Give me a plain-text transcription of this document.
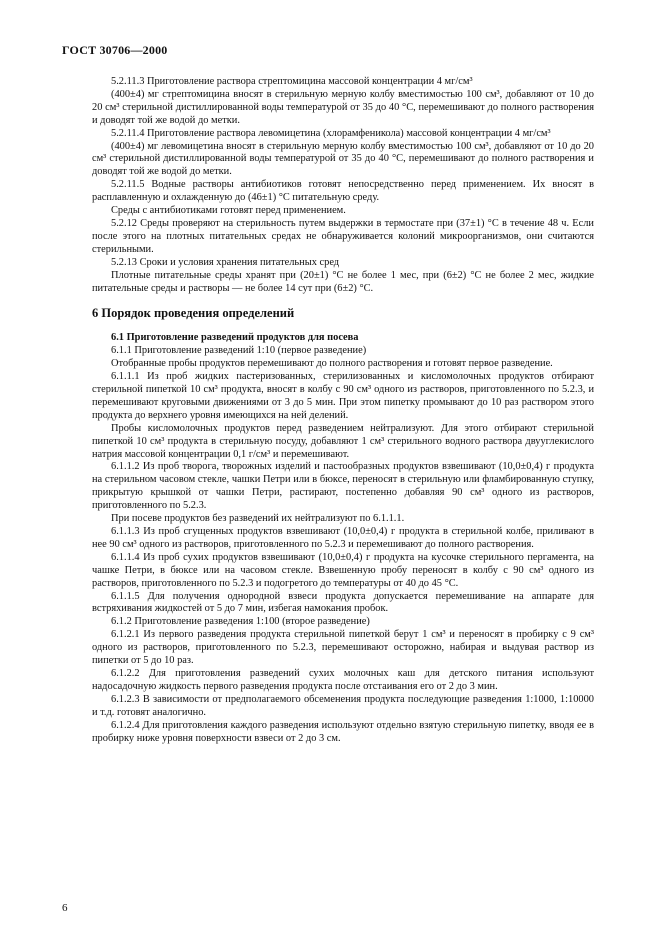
ГОСТ 30706—2000

5.2.11.3 Приготовление раствора стрептомицина массовой концентрации 4 мг/см³

(400±4) мг стрептомицина вносят в стерильную мерную колбу вместимостью 100 см³, добавляют от 10 до 20 см³ стерильной дистиллированной воды температурой от 35 до 40 °С, перемешивают до полного растворения и доводят той же водой до метки.

5.2.11.4 Приготовление раствора левомицетина (хлорамфеникола) массовой концентрации 4 мг/см³

(400±4) мг левомицетина вносят в стерильную мерную колбу вместимостью 100 см³, добавляют от 10 до 20 см³ стерильной дистиллированной воды температурой от 35 до 40 °С, перемешивают до полного растворения и доводят той же водой до метки.

5.2.11.5 Водные растворы антибиотиков готовят непосредственно перед применением. Их вносят в расплавленную и охлажденную до (46±1) °С питательную среду.

Среды с антибиотиками готовят перед применением.

5.2.12 Среды проверяют на стерильность путем выдержки в термостате при (37±1) °С в течение 48 ч. Если после этого на плотных питательных средах не обнаруживается колоний микроорганизмов, они считаются стерильными.

5.2.13 Сроки и условия хранения питательных сред

Плотные питательные среды хранят при (20±1) °С не более 1 мес, при (6±2) °С не более 2 мес, жидкие питательные среды и растворы — не более 14 сут при (6±2) °С.

6 Порядок проведения определений

6.1 Приготовление разведений продуктов для посева

6.1.1 Приготовление разведений 1:10 (первое разведение)

Отобранные пробы продуктов перемешивают до полного растворения и готовят первое разведение.

6.1.1.1 Из проб жидких пастеризованных, стерилизованных и кисломолочных продуктов отбирают стерильной пипеткой 10 см³ продукта, вносят в колбу с 90 см³ одного из растворов, приготовленного по 5.2.3, и перемешивают круговыми движениями от 3 до 5 мин. При этом пипетку промывают до 10 раз раствором этого продукта до верхнего уровня имеющихся на ней делений.

Пробы кисломолочных продуктов перед разведением нейтрализуют. Для этого отбирают стерильной пипеткой 10 см³ продукта в стерильную посуду, добавляют 1 см³ стерильного водного раствора двууглекислого натрия массовой концентрации 0,1 г/см³ и перемешивают.

6.1.1.2 Из проб творога, творожных изделий и пастообразных продуктов взвешивают (10,0±0,4) г продукта на стерильном часовом стекле, чашки Петри или в бюксе, переносят в стерильную или фламбированную ступку, прикрытую крышкой от чашки Петри, растирают, постепенно добавляя 90 см³ одного из растворов, приготовленного по 5.2.3.

При посеве продуктов без разведений их нейтрализуют по 6.1.1.1.

6.1.1.3 Из проб сгущенных продуктов взвешивают (10,0±0,4) г продукта в стерильной колбе, приливают в нее 90 см³ одного из растворов, приготовленного по 5.2.3 и перемешивают до полного растворения.

6.1.1.4 Из проб сухих продуктов взвешивают (10,0±0,4) г продукта на кусочке стерильного пергамента, на чашке Петри, в бюксе или на часовом стекле. Взвешенную пробу переносят в колбу с 90 см³ одного из растворов, приготовленного по 5.2.3 и подогретого до температуры от 40 до 45 °С.

6.1.1.5 Для получения однородной взвеси продукта допускается перемешивание на аппарате для встряхивания жидкостей от 5 до 7 мин, избегая намокания пробок.

6.1.2 Приготовление разведения 1:100 (второе разведение)

6.1.2.1 Из первого разведения продукта стерильной пипеткой берут 1 см³ и переносят в пробирку с 9 см³ одного из растворов, приготовленного по 5.2.3, перемешивают осторожно, набирая и выдувая раствор из пипетки от 5 до 10 раз.

6.1.2.2 Для приготовления разведений сухих молочных каш для детского питания используют надосадочную жидкость первого разведения продукта после отстаивания его от 2 до 3 мин.

6.1.2.3 В зависимости от предполагаемого обсеменения продукта последующие разведения 1:1000, 1:10000 и т.д. готовят аналогично.

6.1.2.4 Для приготовления каждого разведения используют отдельно взятую стерильную пипетку, вводя ее в пробирку ниже уровня поверхности взвеси от 2 до 3 см.

6
